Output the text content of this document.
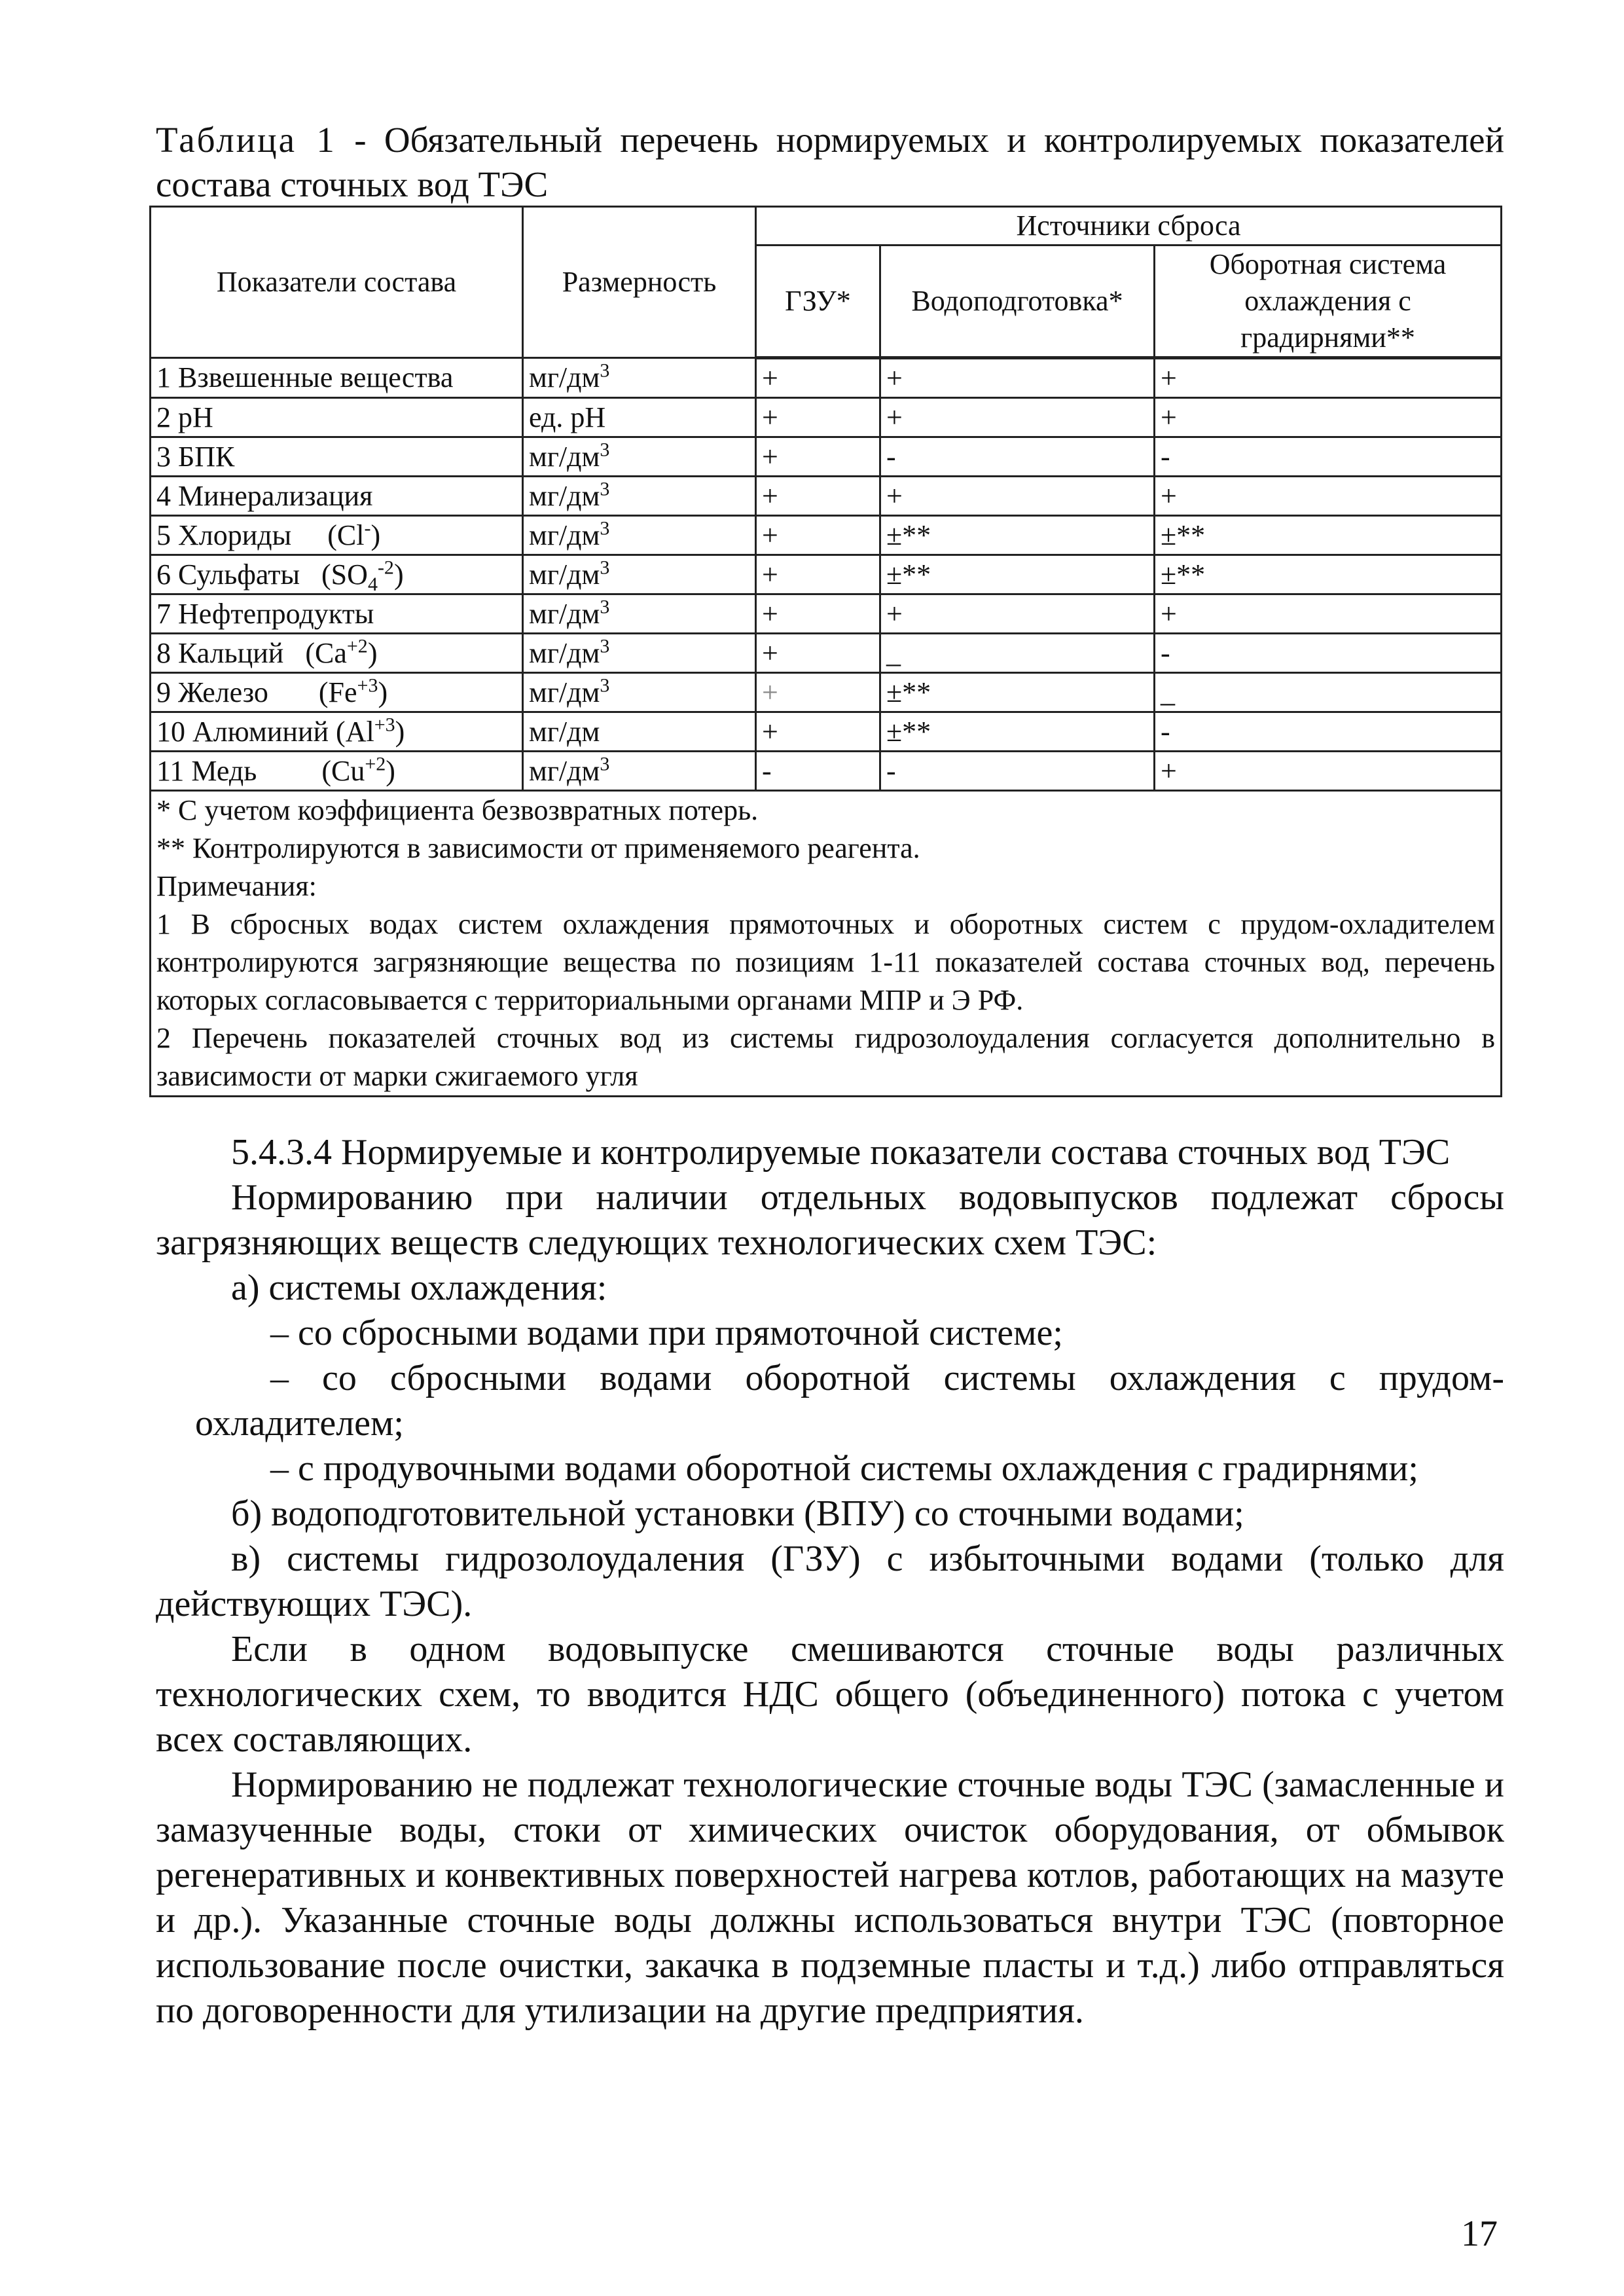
Таблица 1 - Обязательный перечень нормируемых и контролируемых показателей состава сточных вод ТЭС
Показатели состава	Размерность	Источники сброса		
		ГЗУ*	Водоподготовка*	Оборотная система охлаждения с градирнями**
1 Взвешенные вещества	$мг/дм^3$	+	+	+
2 pH	ед. pH	+	+	+
3 БПК	$мг/дм^3$	+	-	-
4 Минерализация	$мг/дм^3$	+	+	+
5 Хлориды     (Cl-)	$мг/дм^3$	+	±**	±**
6 Сульфаты   $(SO_4^{-2})$	$мг/дм^3$	+	±**	±**
7 Нефтепродукты	$мг/дм^3$	+	+	+
8 Кальций   $(Ca^{+2})$	$мг/дм^3$	+	_	-
9 Железо       $(Fe^{+3})$	$мг/дм^3$	+	±**	_
10 Алюминий $(Al^{+3})$	мг/дм	+	±**	-
11 Медь         $(Cu^{+2})$	$мг/дм^3$	-	-	+

* С учетом коэффициента безвозвратных потерь.

** Контролируются в зависимости от применяемого реагента.

Примечания:

1 В сбросных водах систем охлаждения прямоточных и оборотных систем с прудом-охладителем контролируются загрязняющие вещества по позициям 1-11 показателей состава сточных вод, перечень которых согласовывается с территориальными органами МПР и Э РФ.

2 Перечень показателей сточных вод из системы гидрозолоудаления согласуется дополнительно в зависимости от марки сжигаемого угля				

5.4.3.4 Нормируемые и контролируемые показатели состава сточных вод ТЭС

Нормированию при наличии отдельных водовыпусков подлежат сбросы загрязняющих веществ следующих технологических схем ТЭС:

а) системы охлаждения:

– со сбросными водами при прямоточной системе;

– со сбросными водами оборотной системы охлаждения с прудом-охладителем;

– с продувочными водами оборотной системы охлаждения с градирнями;

б) водоподготовительной установки (ВПУ) со сточными водами;

в) системы гидрозолоудаления (ГЗУ) с избыточными водами (только для действующих ТЭС).

Если в одном водовыпуске смешиваются сточные воды различных технологических схем, то вводится НДС общего (объединенного) потока с учетом всех составляющих.

Нормированию не подлежат технологические сточные воды ТЭС (замасленные и замазученные воды, стоки от химических очисток оборудования, от обмывок регенеративных и конвективных поверхностей нагрева котлов, работающих на мазуте и др.). Указанные сточные воды должны использоваться внутри ТЭС (повторное использование после очистки, закачка в подземные пласты и т.д.) либо отправляться по договоренности для утилизации на другие предприятия.

17
